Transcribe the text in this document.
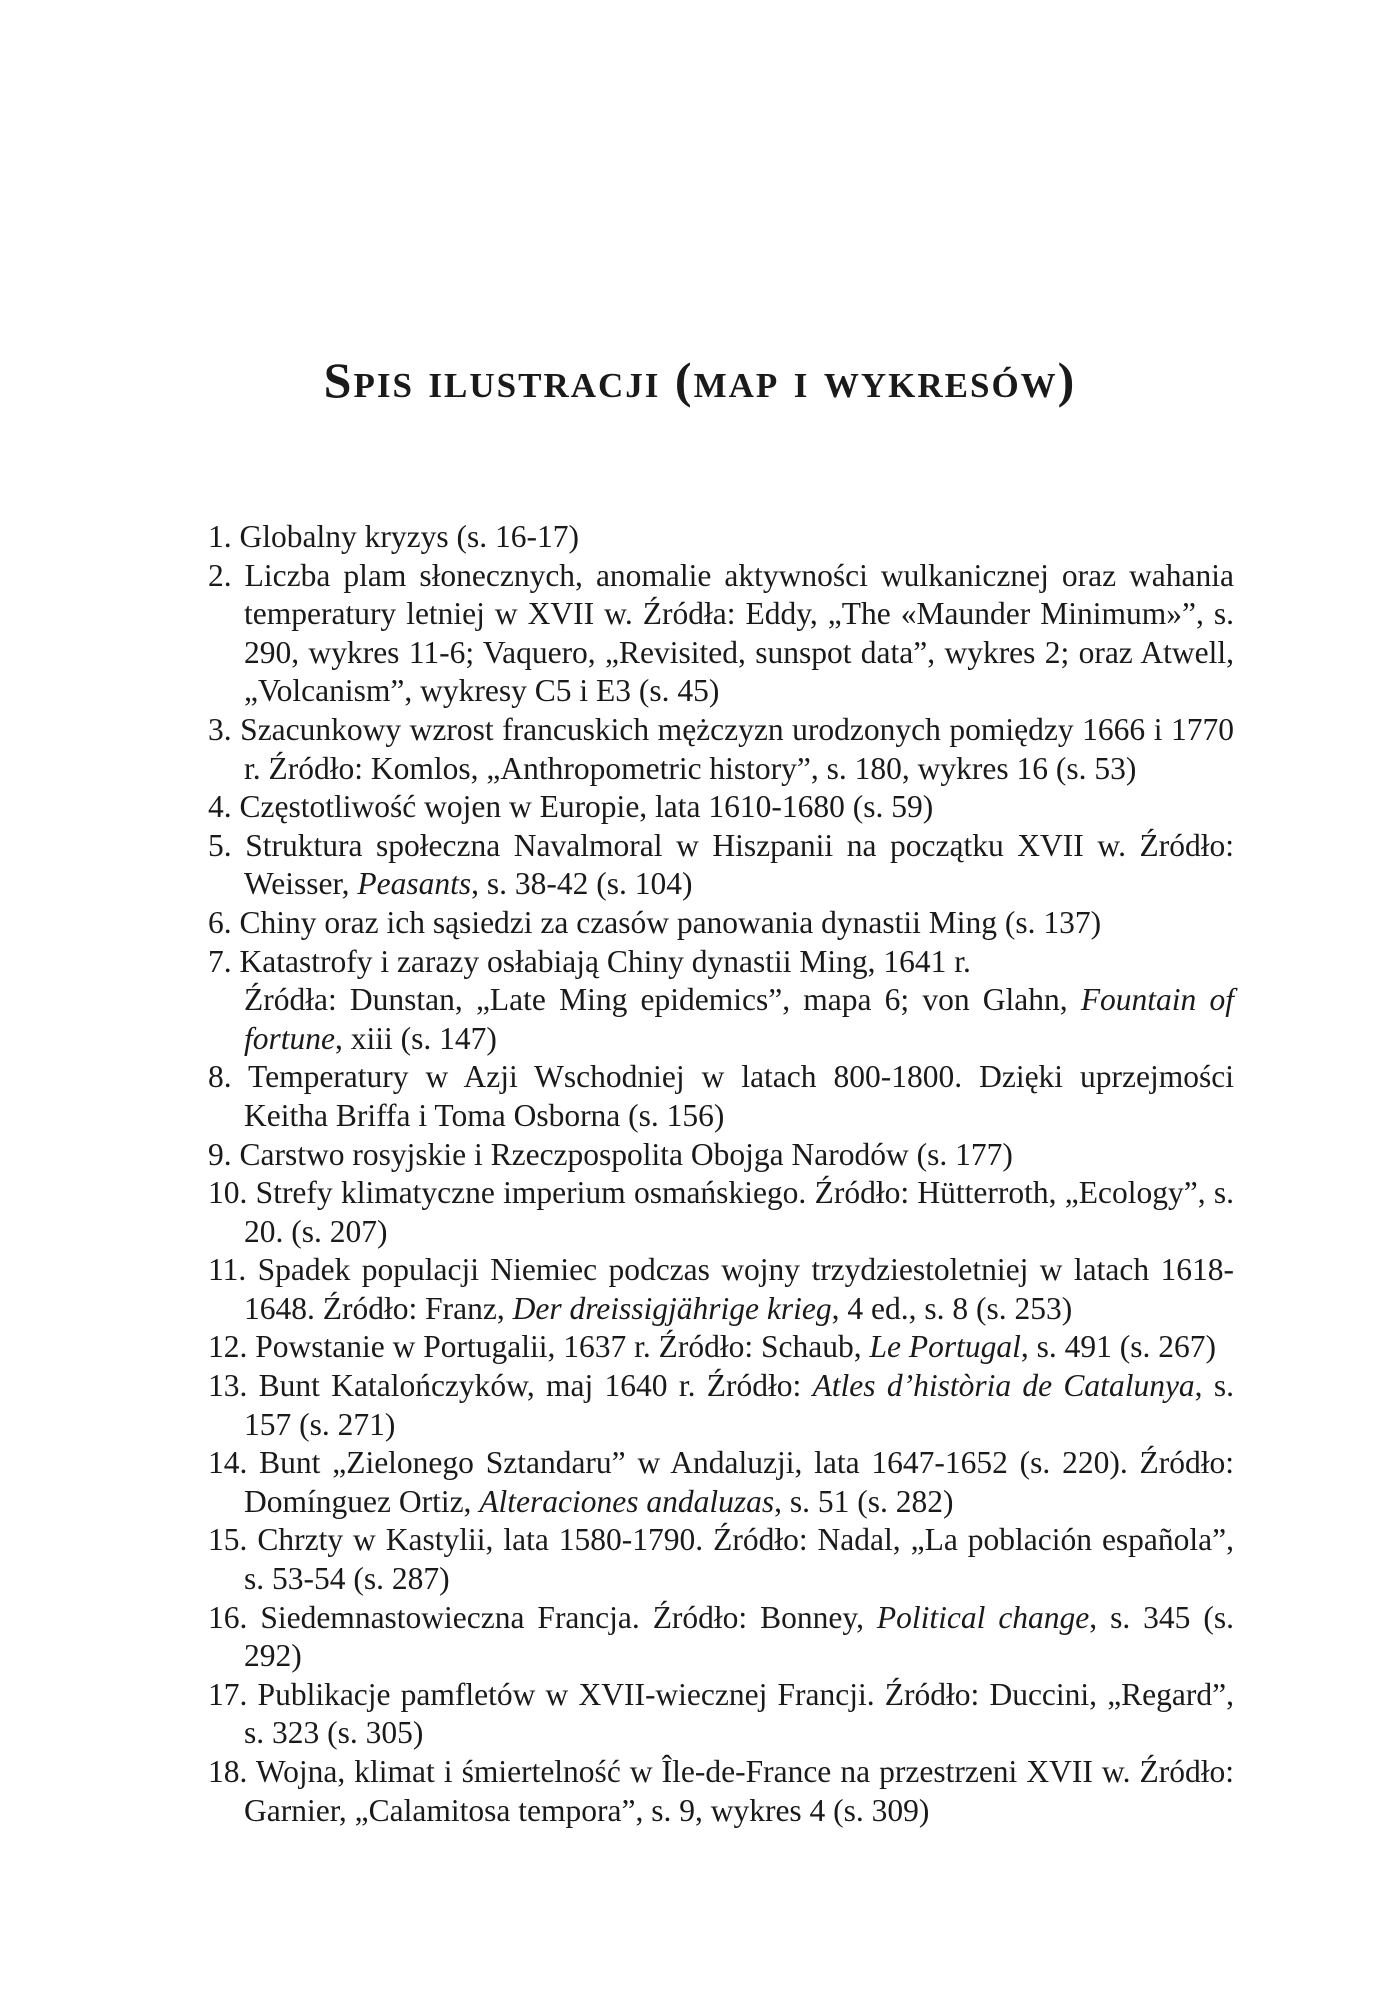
Spis ilustracji (map i wykresów)
1. Globalny kryzys (s. 16-17)
2. Liczba plam słonecznych, anomalie aktywności wulkanicznej oraz wahania temperatury letniej w XVII w. Źródła: Eddy, „The «Maunder Minimum»”, s. 290, wykres 11-6; Vaquero, „Revisited, sunspot data”, wykres 2; oraz Atwell, „Volcanism”, wykresy C5 i E3 (s. 45)
3. Szacunkowy wzrost francuskich mężczyzn urodzonych pomiędzy 1666 i 1770 r. Źródło: Komlos, „Anthropometric history”, s. 180, wykres 16 (s. 53)
4. Częstotliwość wojen w Europie, lata 1610-1680 (s. 59)
5. Struktura społeczna Navalmoral w Hiszpanii na początku XVII w. Źródło: Weisser, Peasants, s. 38-42 (s. 104)
6. Chiny oraz ich sąsiedzi za czasów panowania dynastii Ming (s. 137)
7. Katastrofy i zarazy osłabiają Chiny dynastii Ming, 1641 r.
Źródła: Dunstan, „Late Ming epidemics”, mapa 6; von Glahn, Fountain of fortune, xiii (s. 147)
8. Temperatury w Azji Wschodniej w latach 800-1800. Dzięki uprzejmości Keitha Briffa i Toma Osborna (s. 156)
9. Carstwo rosyjskie i Rzeczpospolita Obojga Narodów (s. 177)
10. Strefy klimatyczne imperium osmańskiego. Źródło: Hütterroth, „Ecology”, s. 20. (s. 207)
11. Spadek populacji Niemiec podczas wojny trzydziestoletniej w latach 1618-1648. Źródło: Franz, Der dreissigjährige krieg, 4 ed., s. 8 (s. 253)
12. Powstanie w Portugalii, 1637 r. Źródło: Schaub, Le Portugal, s. 491 (s. 267)
13. Bunt Katalończyków, maj 1640 r. Źródło: Atles d’història de Catalunya, s. 157 (s. 271)
14. Bunt „Zielonego Sztandaru” w Andaluzji, lata 1647-1652 (s. 220). Źródło: Domínguez Ortiz, Alteraciones andaluzas, s. 51 (s. 282)
15. Chrzty w Kastylii, lata 1580-1790. Źródło: Nadal, „La población española”, s. 53-54 (s. 287)
16. Siedemnastowieczna Francja. Źródło: Bonney, Political change, s. 345 (s. 292)
17. Publikacje pamfletów w XVII-wiecznej Francji. Źródło: Duccini, „Regard”, s. 323 (s. 305)
18. Wojna, klimat i śmiertelność w Île-de-France na przestrzeni XVII w. Źródło: Garnier, „Calamitosa tempora”, s. 9, wykres 4 (s. 309)
